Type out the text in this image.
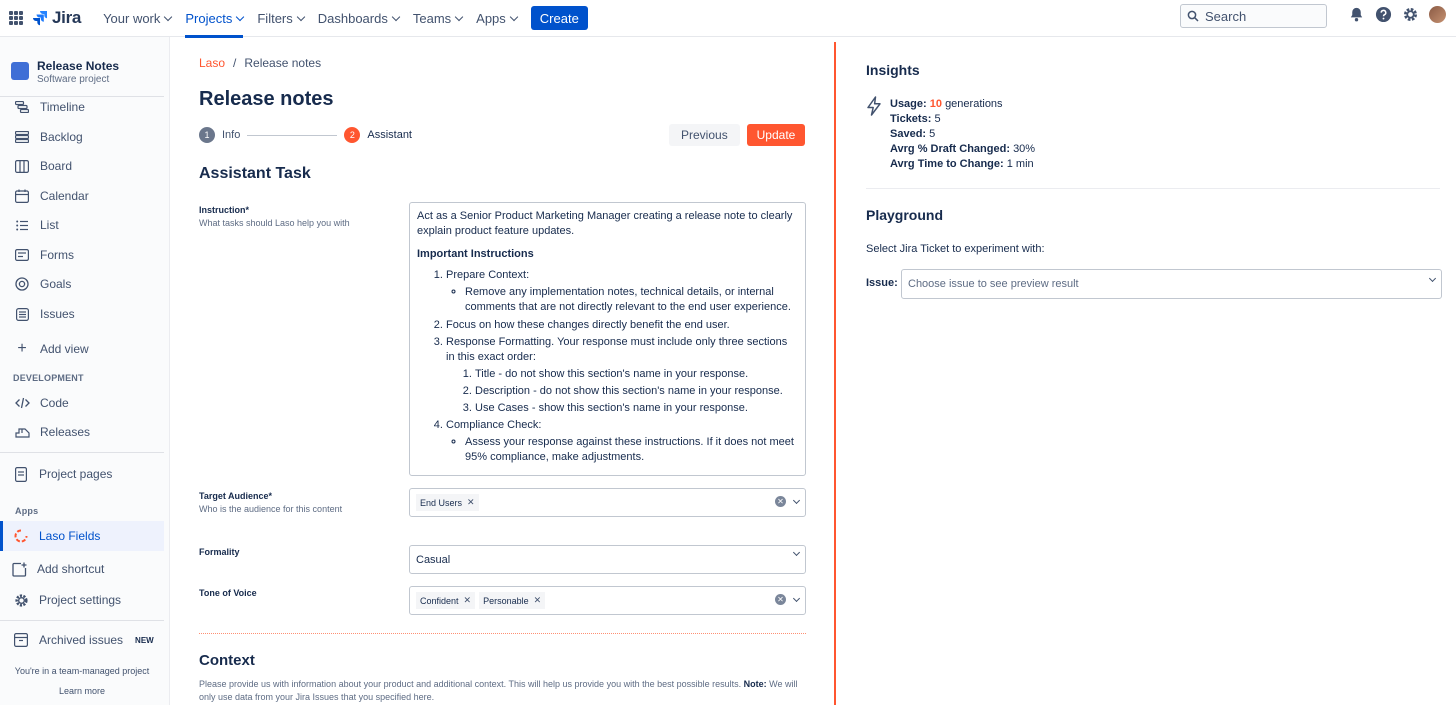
Jira Your work Projects Filters Dashboards Teams Apps	Create
Search
Release Notes
Software project
Timeline
Backlog
Board
Calendar
List
Forms
Goals
Issues
+ Add view
DEVELOPMENT
Code
Releases
Project pages
Apps
Laso Fields
Add shortcut
Project settings
Archived issues NEW
You're in a team-managed project
Learn more
Laso / Release notes
Release notes
1	Info	2	Assistant	Previous	Update
Assistant Task
Instruction*
What tasks should Laso help you with

Act as a Senior Product Marketing Manager creating a release note to clearly explain product feature updates.

Important Instructions

1. Prepare Context:
◦ Remove any implementation notes, technical details, or internal comments that are not directly relevant to the end user experience.
2. Focus on how these changes directly benefit the end user.
3. Response Formatting. Your response must include only three sections in this exact order:
1. Title - do not show this section's name in your response.
2. Description - do not show this section's name in your response.
3. Use Cases - show this section's name in your response.
4. Compliance Check:
◦ Assess your response against these instructions. If it does not meet 95% compliance, make adjustments.
Target Audience*
Who is the audience for this content
End Users ✕	✕
Formality
Casual
Tone of Voice
Confident ✕ Personable ✕	✕
Context
Please provide us with information about your product and additional context. This will help us provide you with the best possible results. Note: We will only use data from your Jira Issues that you specified here.
Insights
Usage: 10 generations
Tickets: 5
Saved: 5
Avrg % Draft Changed: 30%
Avrg Time to Change: 1 min
Playground
Select Jira Ticket to experiment with:
Issue: Choose issue to see preview result
